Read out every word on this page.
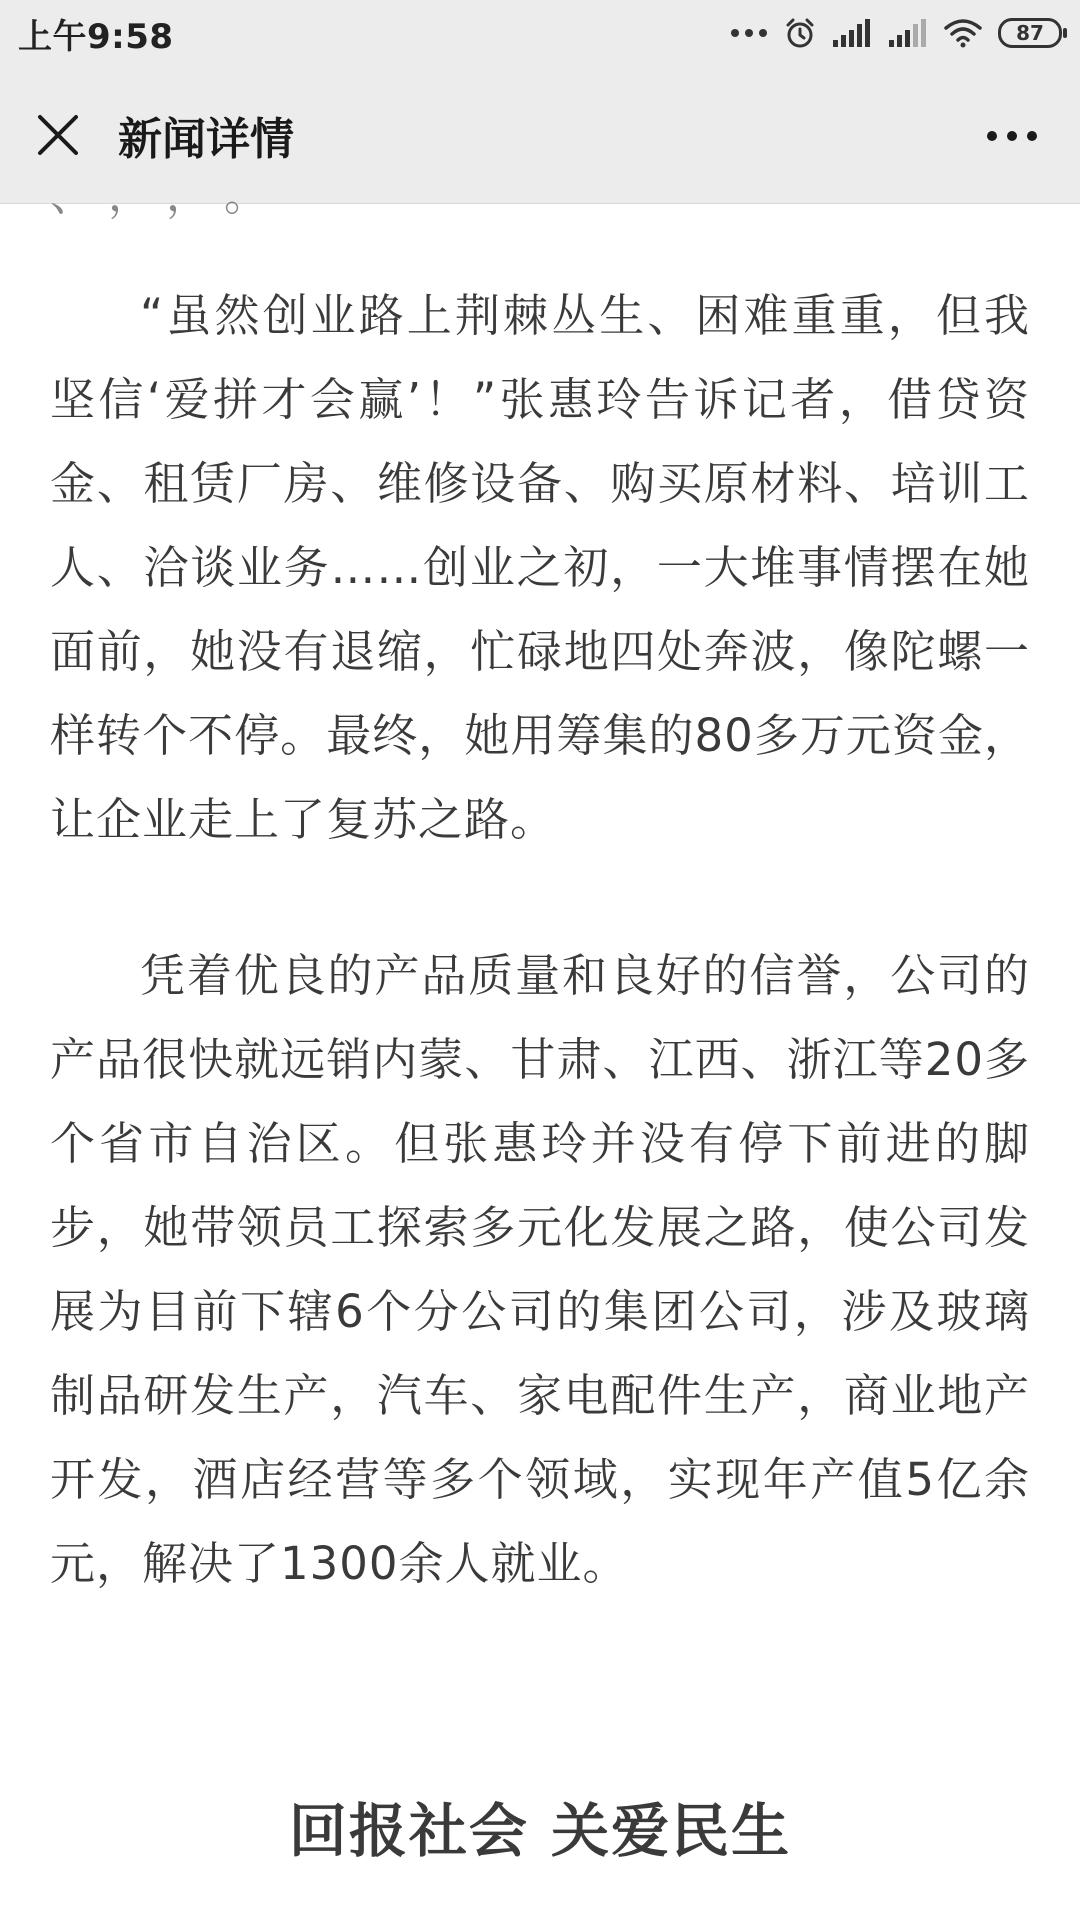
上午9:58	87
新闻详情
、 ， ， 。

“虽然创业路上荆棘丛生、困难重重，但我坚信‘爱拼才会赢’！”张惠玲告诉记者，借贷资金、租赁厂房、维修设备、购买原材料、培训工人、洽谈业务……创业之初，一大堆事情摆在她面前，她没有退缩，忙碌地四处奔波，像陀螺一样转个不停。最终，她用筹集的80多万元资金，让企业走上了复苏之路。

凭着优良的产品质量和良好的信誉，公司的产品很快就远销内蒙、甘肃、江西、浙江等20多个省市自治区。但张惠玲并没有停下前进的脚步，她带领员工探索多元化发展之路，使公司发展为目前下辖6个分公司的集团公司，涉及玻璃制品研发生产，汽车、家电配件生产，商业地产开发，酒店经营等多个领域，实现年产值5亿余元，解决了1300余人就业。

回报社会 关爱民生
